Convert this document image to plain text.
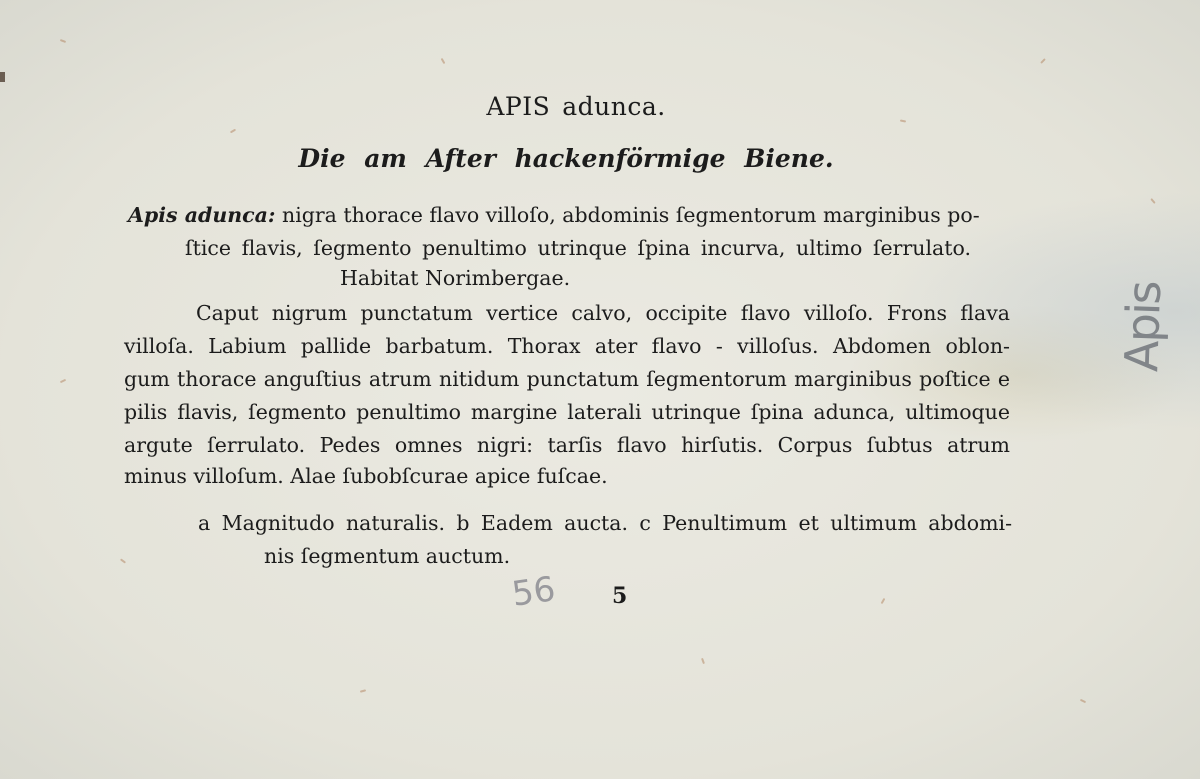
APIS adunca.
Die am After hackenförmige Biene.
Apis adunca: nigra thorace flavo villoſo, abdominis ſegmentorum marginibus po-
ſtice flavis, ſegmento penultimo utrinque ſpina incurva, ultimo ſerrulato.
Habitat Norimbergae.
Caput nigrum punctatum vertice calvo, occipite flavo villoſo. Frons flava
villoſa. Labium pallide barbatum. Thorax ater flavo - villoſus. Abdomen oblon-
gum thorace anguſtius atrum nitidum punctatum ſegmentorum marginibus poſtice e
pilis flavis, ſegmento penultimo margine laterali utrinque ſpina adunca, ultimoque
argute ſerrulato. Pedes omnes nigri: tarſis flavo hirſutis. Corpus ſubtus atrum
minus villoſum. Alae ſubobſcurae apice fuſcae.
a Magnitudo naturalis. b Eadem aucta. c Penultimum et ultimum abdomi-
nis ſegmentum auctum.
56 5
Apis
